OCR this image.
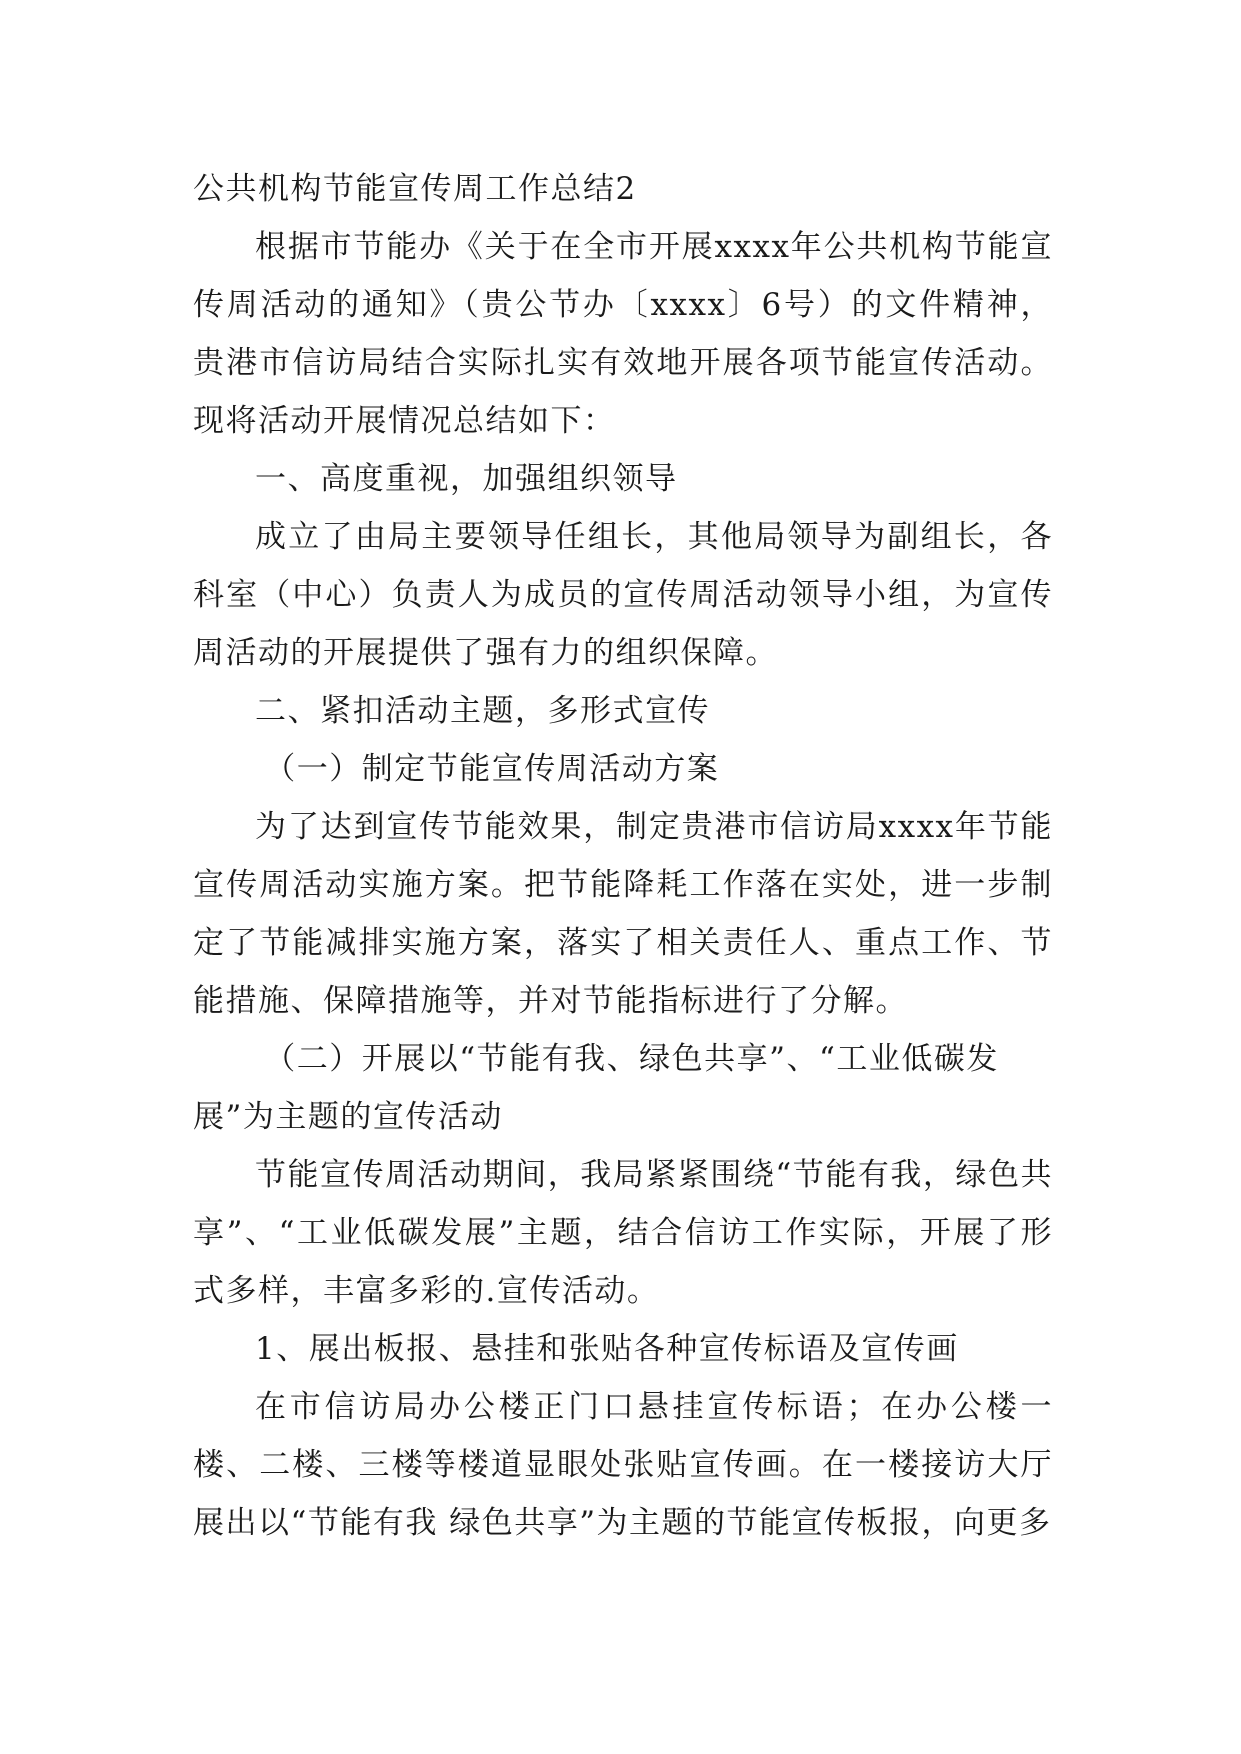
公共机构节能宣传周工作总结2

根据市节能办《关于在全市开展xxxx年公共机构节能宣传周活动的通知》（贵公节办〔xxxx〕6号）的文件精神，贵港市信访局结合实际扎实有效地开展各项节能宣传活动。现将活动开展情况总结如下：

一、高度重视，加强组织领导

成立了由局主要领导任组长，其他局领导为副组长，各科室（中心）负责人为成员的宣传周活动领导小组，为宣传周活动的开展提供了强有力的组织保障。

二、紧扣活动主题，多形式宣传

（一）制定节能宣传周活动方案

为了达到宣传节能效果，制定贵港市信访局xxxx年节能宣传周活动实施方案。把节能降耗工作落在实处，进一步制定了节能减排实施方案，落实了相关责任人、重点工作、节能措施、保障措施等，并对节能指标进行了分解。

（二）开展以“节能有我、绿色共享”、“工业低碳发展”为主题的宣传活动

节能宣传周活动期间，我局紧紧围绕“节能有我，绿色共享”、“工业低碳发展”主题，结合信访工作实际，开展了形式多样，丰富多彩的.宣传活动。

1、展出板报、悬挂和张贴各种宣传标语及宣传画

在市信访局办公楼正门口悬挂宣传标语；在办公楼一楼、二楼、三楼等楼道显眼处张贴宣传画。在一楼接访大厅展出以“节能有我 绿色共享”为主题的节能宣传板报，向更多
